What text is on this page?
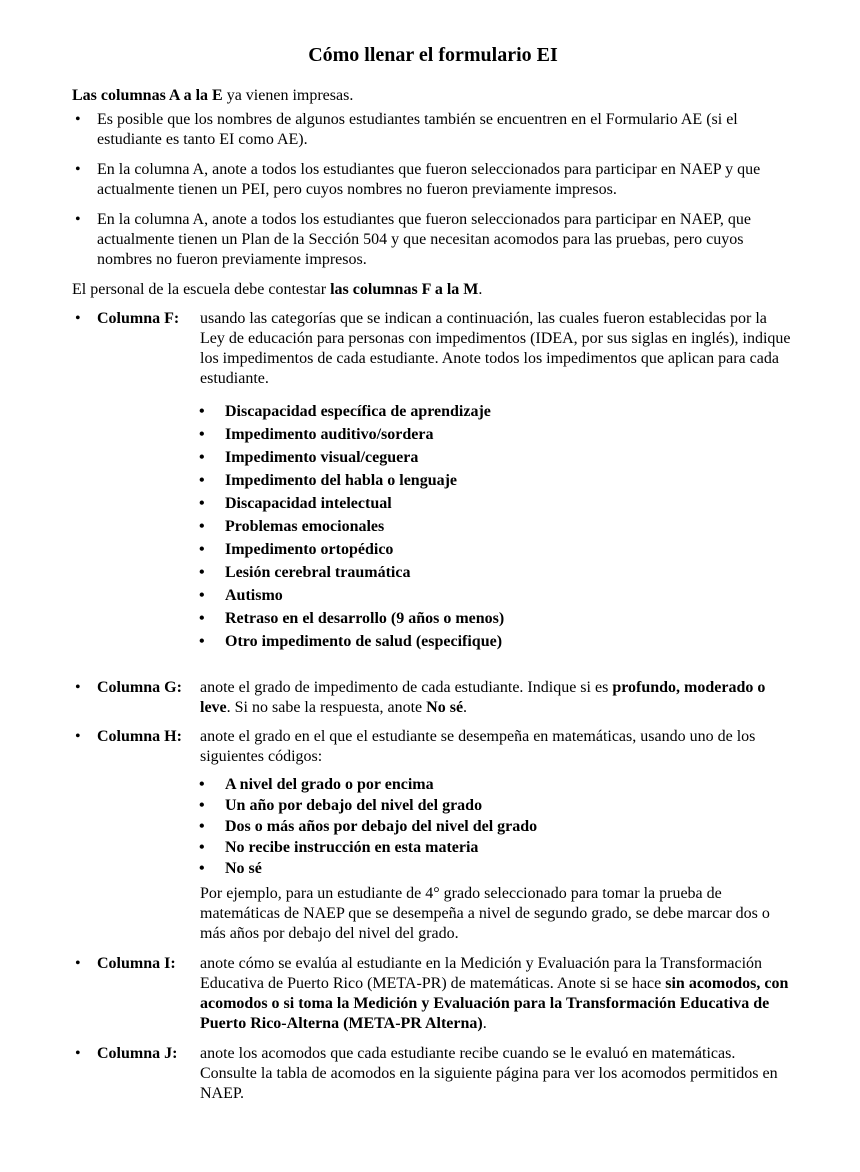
Cómo llenar el formulario EI

Las columnas A a la E ya vienen impresas.

•	Es posible que los nombres de algunos estudiantes también se encuentren en el Formulario AE (si el estudiante es tanto EI como AE).
•	En la columna A, anote a todos los estudiantes que fueron seleccionados para participar en NAEP y que actualmente tienen un PEI, pero cuyos nombres no fueron previamente impresos.
•	En la columna A, anote a todos los estudiantes que fueron seleccionados para participar en NAEP, que actualmente tienen un Plan de la Sección 504 y que necesitan acomodos para las pruebas, pero cuyos nombres no fueron previamente impresos.

El personal de la escuela debe contestar las columnas F a la M.

•	Columna F:	usando las categorías que se indican a continuación, las cuales fueron establecidas por la Ley de educación para personas con impedimentos (IDEA, por sus siglas en inglés), indique los impedimentos de cada estudiante. Anote todos los impedimentos que aplican para cada estudiante.
•	Discapacidad específica de aprendizaje
•	Impedimento auditivo/sordera
•	Impedimento visual/ceguera
•	Impedimento del habla o lenguaje
•	Discapacidad intelectual
•	Problemas emocionales
•	Impedimento ortopédico
•	Lesión cerebral traumática
•	Autismo
•	Retraso en el desarrollo (9 años o menos)
•	Otro impedimento de salud (especifique)
•	Columna G:	anote el grado de impedimento de cada estudiante. Indique si es profundo, moderado o leve. Si no sabe la respuesta, anote No sé.
•	Columna H:	anote el grado en el que el estudiante se desempeña en matemáticas, usando uno de los siguientes códigos:
•	A nivel del grado o por encima
•	Un año por debajo del nivel del grado
•	Dos o más años por debajo del nivel del grado
•	No recibe instrucción en esta materia
•	No sé

Por ejemplo, para un estudiante de 4° grado seleccionado para tomar la prueba de matemáticas de NAEP que se desempeña a nivel de segundo grado, se debe marcar dos o más años por debajo del nivel del grado.

•	Columna I:	anote cómo se evalúa al estudiante en la Medición y Evaluación para la Transformación Educativa de Puerto Rico (META-PR) de matemáticas. Anote si se hace sin acomodos, con acomodos o si toma la Medición y Evaluación para la Transformación Educativa de Puerto Rico-Alterna (META-PR Alterna).
•	Columna J:	anote los acomodos que cada estudiante recibe cuando se le evaluó en matemáticas. Consulte la tabla de acomodos en la siguiente página para ver los acomodos permitidos en NAEP.
